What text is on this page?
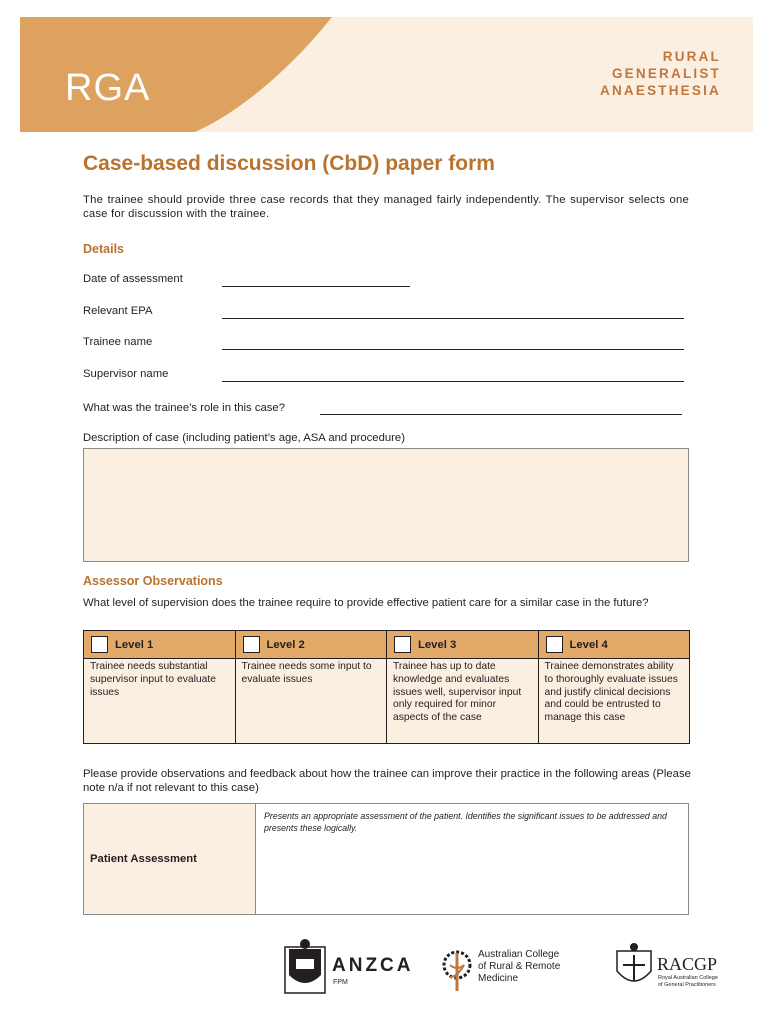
RGA
RURAL
GENERALIST
ANAESTHESIA
Case-based discussion (CbD) paper form
The trainee should provide three case records that they managed fairly independently. The supervisor selects one case for discussion with the trainee.
Details
Date of assessment
Relevant EPA
Trainee name
Supervisor name
What was the trainee’s role in this case?
Description of case (including patient’s age, ASA and procedure)
Assessor Observations
What level of supervision does the trainee require to provide effective patient care for a similar case in the future?
Level 1	Level 2	Level 3	Level 4

Trainee needs substantial supervisor input to evaluate issues	Trainee needs some input to evaluate issues	Trainee has up to date knowledge and evaluates issues well, supervisor input only required for minor aspects of the case	Trainee demonstrates ability to thoroughly evaluate issues and justify clinical decisions and could be entrusted to manage this case
Please provide observations and feedback about how the trainee can improve their practice in the following areas (Please note n/a if not relevant to this case)
Patient Assessment	Presents an appropriate assessment of the patient. Identifies the significant issues to be addressed and presents these logically.
ANZCA
FPM
Australian College
of Rural & Remote
Medicine
RACGP
Royal Australian College
of General Practitioners
